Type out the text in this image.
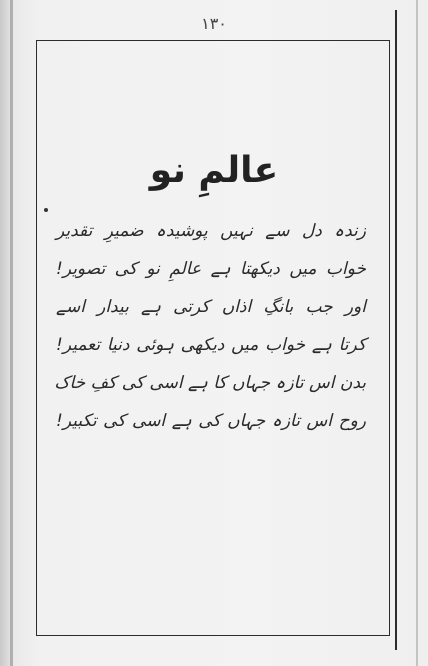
۱۳۰
عالمِ نو
زندہ دل سے نہیں پوشیدہ ضمیرِ تقدیر
خواب میں دیکھتا ہے عالمِ نو کی تصویر!
اور جب بانگِ اذاں کرتی ہے بیدار اسے
کرتا ہے خواب میں دیکھی ہوئی دنیا تعمیر!
بدن اس تازہ جہاں کا ہے اسی کی کفِ خاک
روح اس تازہ جہاں کی ہے اسی کی تکبیر!
